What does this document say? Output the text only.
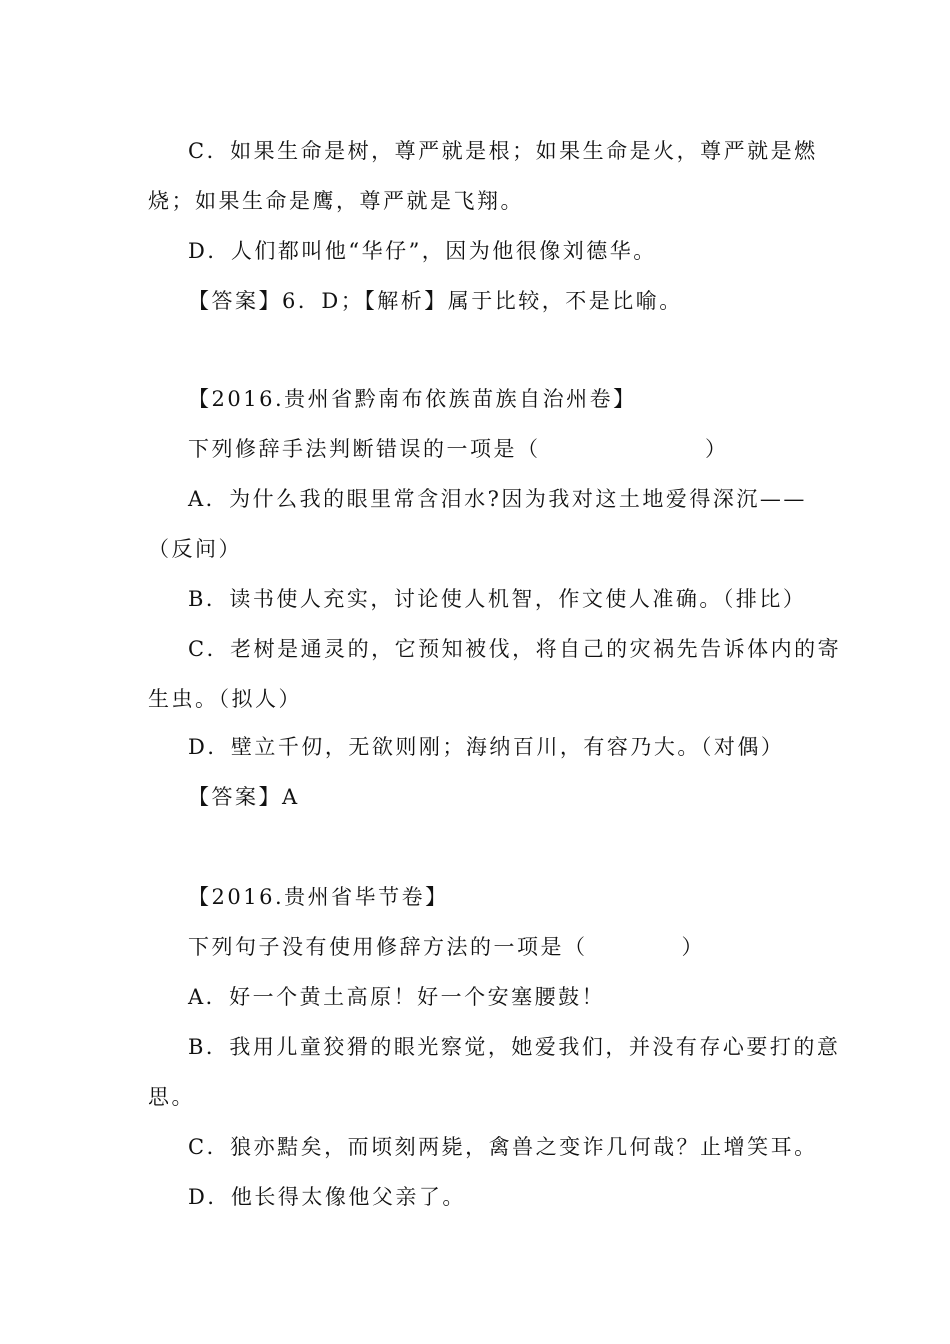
C．如果生命是树，尊严就是根；如果生命是火，尊严就是燃
烧；如果生命是鹰，尊严就是飞翔。
D．人们都叫他“华仔”，因为他很像刘德华。
【答案】6．D；【解析】属于比较，不是比喻。
【2016.贵州省黔南布依族苗族自治州卷】
下列修辞手法判断错误的一项是（　　　　　　　）
A．为什么我的眼里常含泪水?因为我对这土地爱得深沉——
（反问）
B．读书使人充实，讨论使人机智，作文使人准确。（排比）
C．老树是通灵的，它预知被伐，将自己的灾祸先告诉体内的寄
生虫。（拟人）
D．壁立千仞，无欲则刚；海纳百川，有容乃大。（对偶）
【答案】A
【2016.贵州省毕节卷】
下列句子没有使用修辞方法的一项是（　　　　）
A．好一个黄土高原！好一个安塞腰鼓！
B．我用儿童狡猾的眼光察觉，她爱我们，并没有存心要打的意
思。
C．狼亦黠矣，而顷刻两毙，禽兽之变诈几何哉？止增笑耳。
D．他长得太像他父亲了。
